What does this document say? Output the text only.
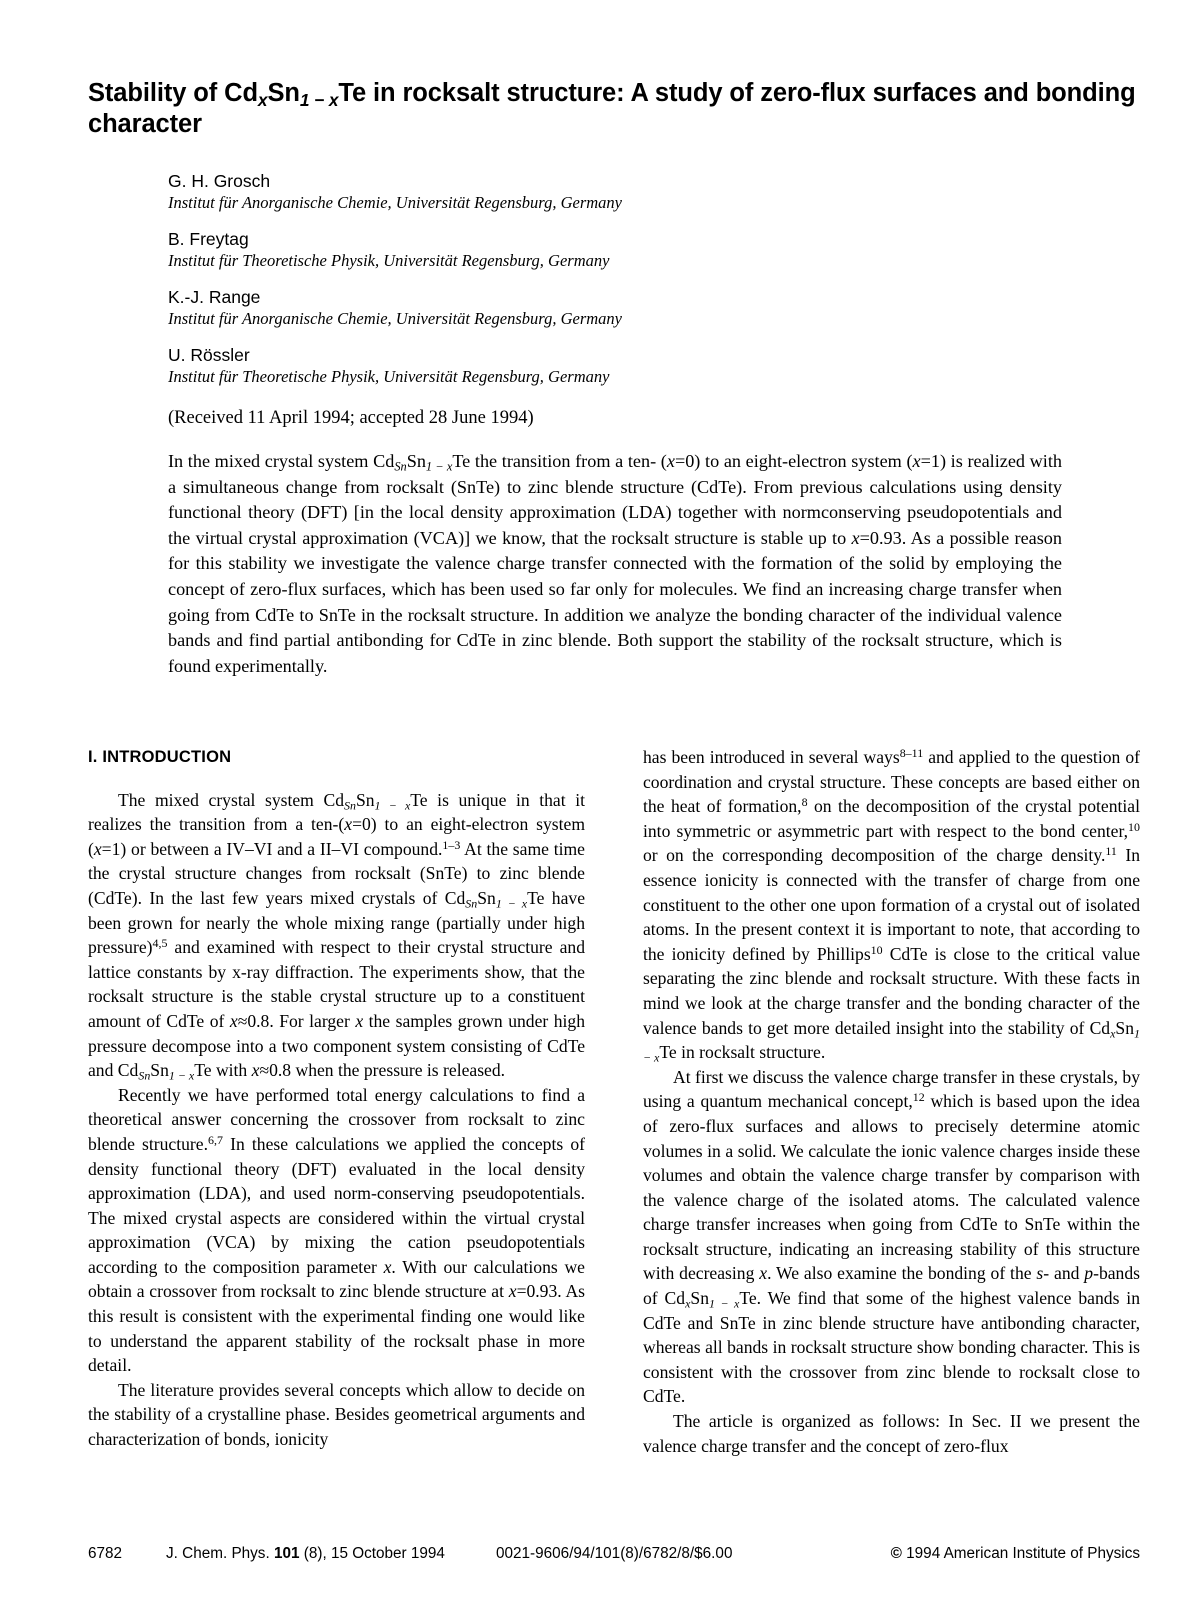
Stability of $Cd_xSn_{1 - x}Te$ in rocksalt structure: A study of zero-flux surfaces and bonding character
G. H. Grosch
Institut für Anorganische Chemie, Universität Regensburg, Germany
B. Freytag
Institut für Theoretische Physik, Universität Regensburg, Germany
K.-J. Range
Institut für Anorganische Chemie, Universität Regensburg, Germany
U. Rössler
Institut für Theoretische Physik, Universität Regensburg, Germany
(Received 11 April 1994; accepted 28 June 1994)
In the mixed crystal system $Cd_{Sn}Sn_{1 - x}Te$ the transition from a ten- (x=0) to an eight-electron system (x=1) is realized with a simultaneous change from rocksalt (SnTe) to zinc blende structure (CdTe). From previous calculations using density functional theory (DFT) [in the local density approximation (LDA) together with normconserving pseudopotentials and the virtual crystal approximation (VCA)] we know, that the rocksalt structure is stable up to x=0.93. As a possible reason for this stability we investigate the valence charge transfer connected with the formation of the solid by employing the concept of zero-flux surfaces, which has been used so far only for molecules. We find an increasing charge transfer when going from CdTe to SnTe in the rocksalt structure. In addition we analyze the bonding character of the individual valence bands and find partial antibonding for CdTe in zinc blende. Both support the stability of the rocksalt structure, which is found experimentally.
I. INTRODUCTION

The mixed crystal system $Cd_{Sn}Sn_{1 - x}Te$ is unique in that it realizes the transition from a ten-(x=0) to an eight-electron system (x=1) or between a IV–VI and a II–VI compound.$^{1-3}$ At the same time the crystal structure changes from rocksalt (SnTe) to zinc blende (CdTe). In the last few years mixed crystals of $Cd_{Sn}Sn_{1 - x}Te$ have been grown for nearly the whole mixing range (partially under high pressure)$^{4,5}$ and examined with respect to their crystal structure and lattice constants by x-ray diffraction. The experiments show, that the rocksalt structure is the stable crystal structure up to a constituent amount of CdTe of x≈0.8. For larger x the samples grown under high pressure decompose into a two component system consisting of CdTe and $Cd_{Sn}Sn_{1 - x}Te$ with x≈0.8 when the pressure is released.

Recently we have performed total energy calculations to find a theoretical answer concerning the crossover from rocksalt to zinc blende structure.$^{6,7}$ In these calculations we applied the concepts of density functional theory (DFT) evaluated in the local density approximation (LDA), and used norm-conserving pseudopotentials. The mixed crystal aspects are considered within the virtual crystal approximation (VCA) by mixing the cation pseudopotentials according to the composition parameter x. With our calculations we obtain a crossover from rocksalt to zinc blende structure at x=0.93. As this result is consistent with the experimental finding one would like to understand the apparent stability of the rocksalt phase in more detail.

The literature provides several concepts which allow to decide on the stability of a crystalline phase. Besides geometrical arguments and characterization of bonds, ionicity

has been introduced in several ways$^{8-11}$ and applied to the question of coordination and crystal structure. These concepts are based either on the heat of formation,$^8$ on the decomposition of the crystal potential into symmetric or asymmetric part with respect to the bond center,$^{10}$ or on the corresponding decomposition of the charge density.$^{11}$ In essence ionicity is connected with the transfer of charge from one constituent to the other one upon formation of a crystal out of isolated atoms. In the present context it is important to note, that according to the ionicity defined by Phillips$^{10}$ CdTe is close to the critical value separating the zinc blende and rocksalt structure. With these facts in mind we look at the charge transfer and the bonding character of the valence bands to get more detailed insight into the stability of $Cd_xSn_{1 - x}Te$ in rocksalt structure.

At first we discuss the valence charge transfer in these crystals, by using a quantum mechanical concept,$^{12}$ which is based upon the idea of zero-flux surfaces and allows to precisely determine atomic volumes in a solid. We calculate the ionic valence charges inside these volumes and obtain the valence charge transfer by comparison with the valence charge of the isolated atoms. The calculated valence charge transfer increases when going from CdTe to SnTe within the rocksalt structure, indicating an increasing stability of this structure with decreasing x. We also examine the bonding of the s- and p-bands of $Cd_xSn_{1 - x}Te$. We find that some of the highest valence bands in CdTe and SnTe in zinc blende structure have antibonding character, whereas all bands in rocksalt structure show bonding character. This is consistent with the crossover from zinc blende to rocksalt close to CdTe.

The article is organized as follows: In Sec. II we present the valence charge transfer and the concept of zero-flux

6782	J. Chem. Phys. 101 (8), 15 October 1994	0021-9606/94/101(8)/6782/8/$6.00	© 1994 American Institute of Physics
